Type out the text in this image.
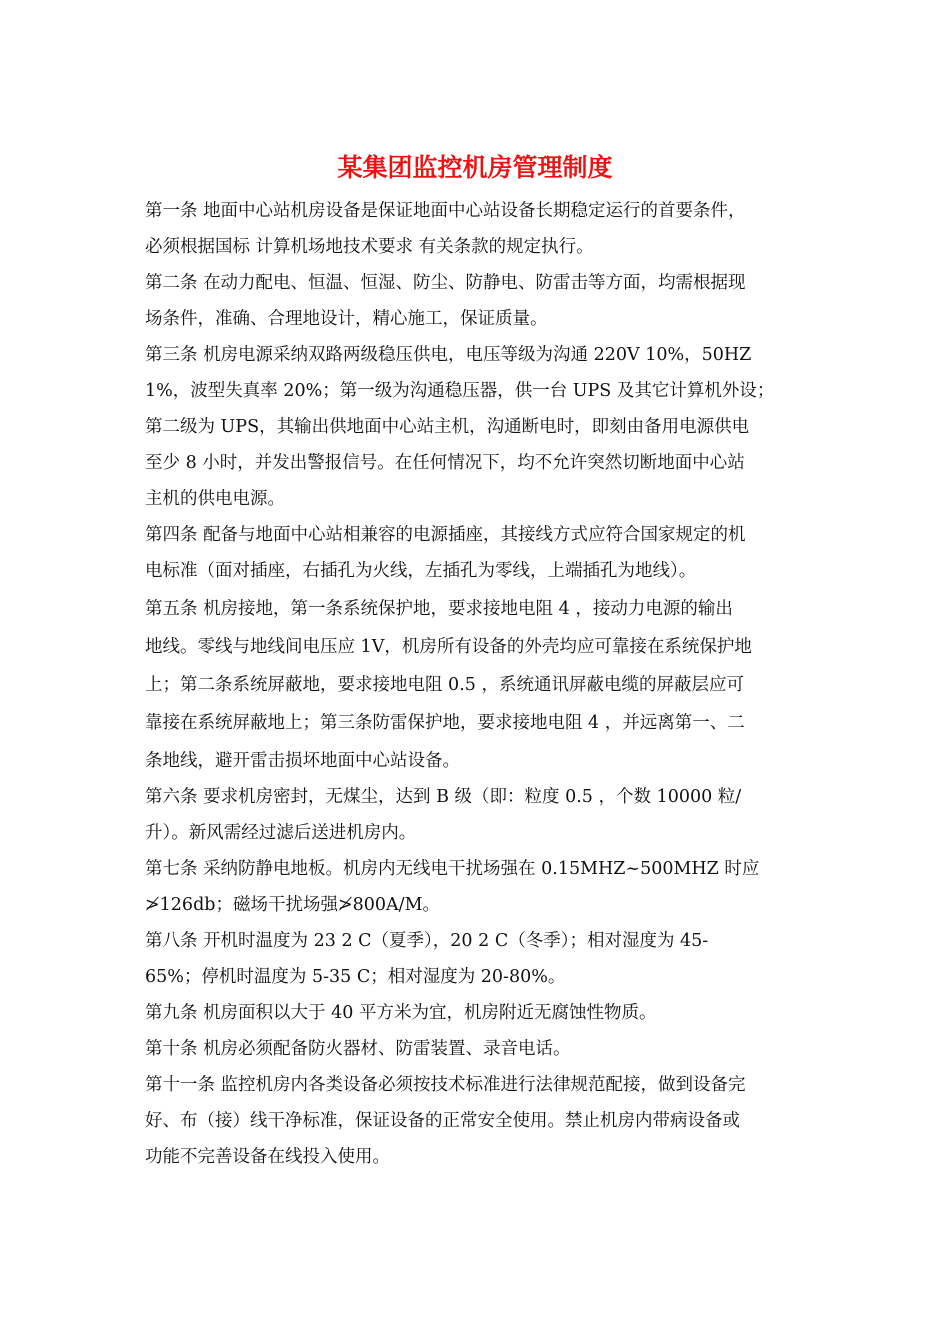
某集团监控机房管理制度
第一条 地面中心站机房设备是保证地面中心站设备长期稳定运行的首要条件，
必须根据国标 计算机场地技术要求 有关条款的规定执行。
第二条 在动力配电、恒温、恒湿、防尘、防静电、防雷击等方面，均需根据现
场条件，准确、合理地设计，精心施工，保证质量。
第三条 机房电源采纳双路两级稳压供电，电压等级为沟通 220V 10%，50HZ
1%，波型失真率 20%；第一级为沟通稳压器，供一台 UPS 及其它计算机外设；
第二级为 UPS，其输出供地面中心站主机，沟通断电时，即刻由备用电源供电
至少 8 小时，并发出警报信号。在任何情况下，均不允许突然切断地面中心站
主机的供电电源。
第四条 配备与地面中心站相兼容的电源插座，其接线方式应符合国家规定的机
电标准（面对插座，右插孔为火线，左插孔为零线，上端插孔为地线）。
第五条 机房接地，第一条系统保护地，要求接地电阻 4 ，接动力电源的输出
地线。零线与地线间电压应 1V，机房所有设备的外壳均应可靠接在系统保护地
上；第二条系统屏蔽地，要求接地电阻 0.5 ，系统通讯屏蔽电缆的屏蔽层应可
靠接在系统屏蔽地上；第三条防雷保护地，要求接地电阻 4 ，并远离第一、二
条地线，避开雷击损坏地面中心站设备。
第六条 要求机房密封，无煤尘，达到 B 级（即：粒度 0.5 ，个数 10000 粒/
升）。新风需经过滤后送进机房内。
第七条 采纳防静电地板。机房内无线电干扰场强在 0.15MHZ~500MHZ 时应
≯126db；磁场干扰场强≯800A/M。
第八条 开机时温度为 23 2 C（夏季），20 2 C（冬季）；相对湿度为 45-
65%；停机时温度为 5-35 C；相对湿度为 20-80%。
第九条 机房面积以大于 40 平方米为宜，机房附近无腐蚀性物质。
第十条 机房必须配备防火器材、防雷装置、录音电话。
第十一条 监控机房内各类设备必须按技术标准进行法律规范配接，做到设备完
好、布（接）线干净标准，保证设备的正常安全使用。禁止机房内带病设备或
功能不完善设备在线投入使用。
